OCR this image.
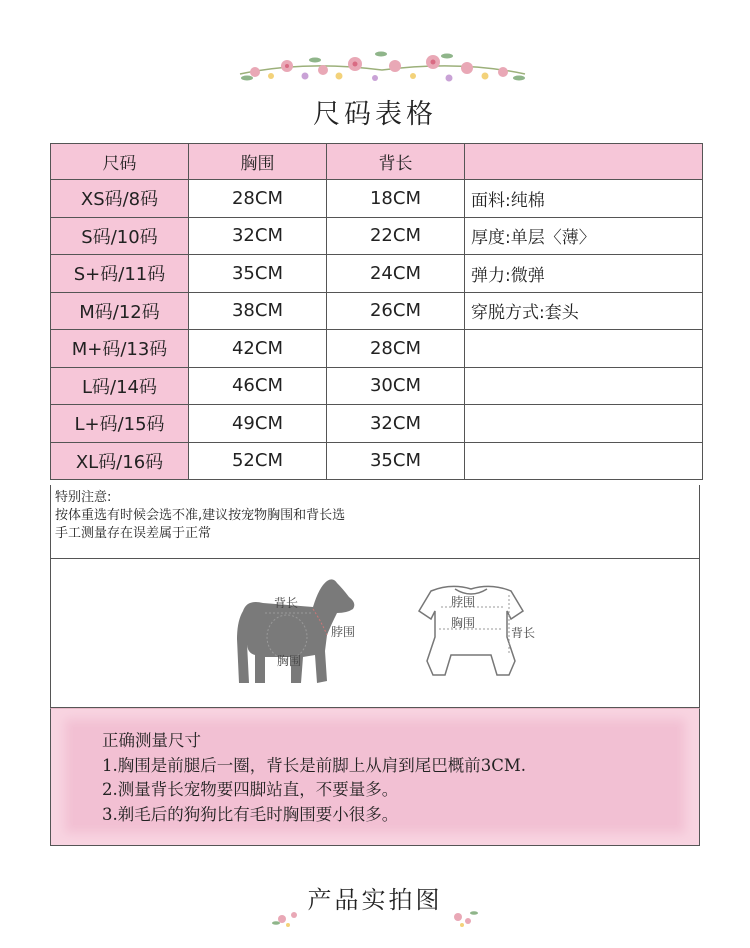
尺码表格
尺码	胸围	背长	
XS码/8码	28CM	18CM	面料:纯棉
S码/10码	32CM	22CM	厚度:单层〈薄〉
S+码/11码	35CM	24CM	弹力:微弹
M码/12码	38CM	26CM	穿脱方式:套头
M+码/13码	42CM	28CM	
L码/14码	46CM	30CM	
L+码/15码	49CM	32CM	
XL码/16码	52CM	35CM	
特别注意:
按体重选有时候会选不准,建议按宠物胸围和背长选
手工测量存在误差属于正常
背长
脖围
胸围
脖围
胸围
背长
正确测量尺寸
1.胸围是前腿后一圈，背长是前脚上从肩到尾巴概前3CM.
2.测量背长宠物要四脚站直，不要量多。
3.剃毛后的狗狗比有毛时胸围要小很多。
产品实拍图
